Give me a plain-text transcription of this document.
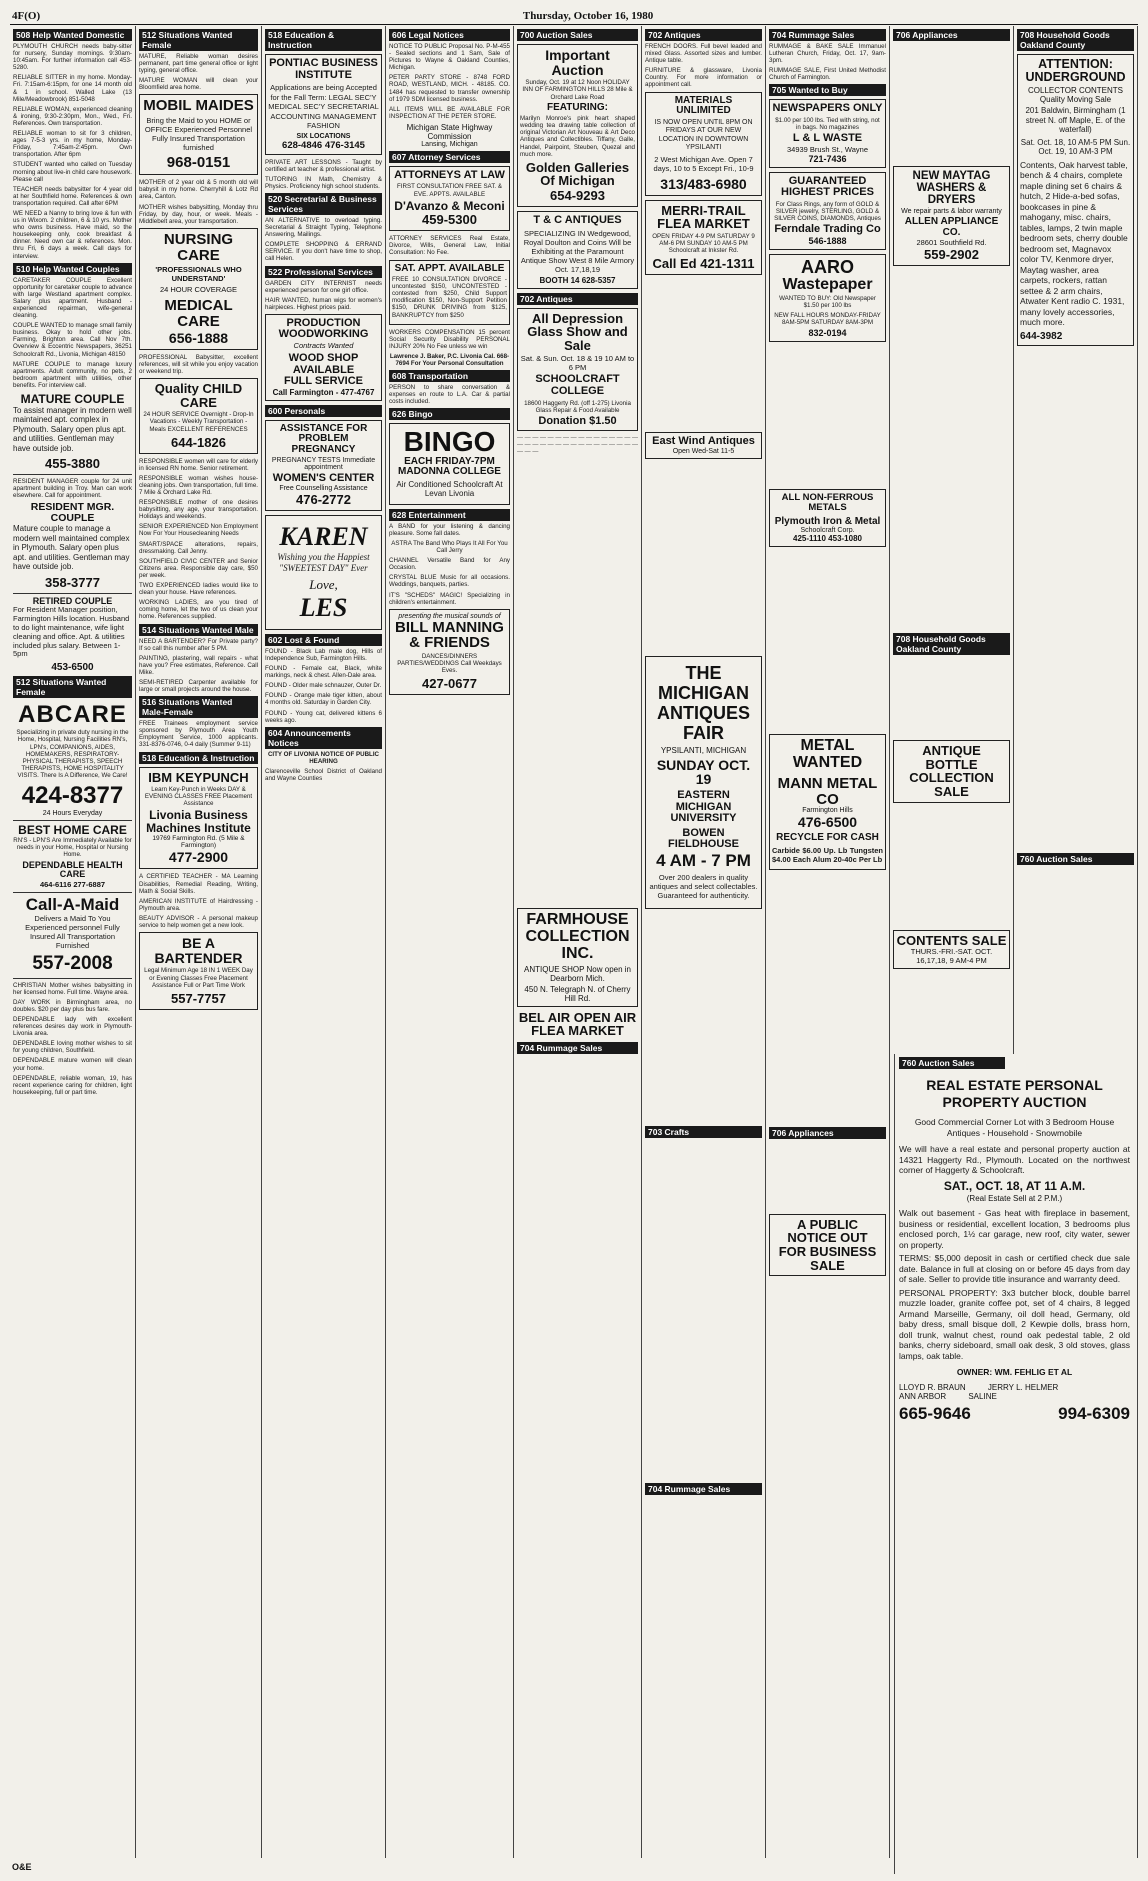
4F(O)	Thursday, October 16, 1980
508 Help Wanted Domestic

PLYMOUTH CHURCH needs baby-sitter for nursery, Sunday mornings. 9:30am-10:45am. For further information call 453-5280.

RELIABLE SITTER in my home. Monday-Fri. 7:15am-6:15pm, for one 14 month old & 1 in school. Walled Lake (13 Mile/Meadowbrook) 851-5048

RELIABLE WOMAN, experienced cleaning & ironing, 9:30-2:30pm, Mon., Wed., Fri. References. Own transportation.

RELIABLE woman to sit for 3 children, ages 7-5-3 yrs. in my home, Monday-Friday, 7:45am-2:45pm. Own transportation. After 6pm

STUDENT wanted who called on Tuesday morning about live-in child care housework. Please call

TEACHER needs babysitter for 4 year old at her Southfield home. References & own transportation required. Call after 6PM

WE NEED a Nanny to bring love & fun with us in Wixom. 2 children, 6 & 10 yrs. Mother who owns business. Have maid, so the housekeeping only, cook breakfast & dinner. Need own car & references. Mon. thru Fri, 6 days a week. Call days for interview.

510 Help Wanted Couples

CARETAKER COUPLE Excellent opportunity for caretaker couple to advance with large Westland apartment complex. Salary plus apartment. Husband - experienced repairman, wife-general cleaning.

COUPLE WANTED to manage small family business. Okay to hold other jobs. Farming, Brighton area. Call Nov 7th. Overview & Eccentric Newspapers, 36251 Schoolcraft Rd., Livonia, Michigan 48150

MATURE COUPLE to manage luxury apartments. Adult community, no pets, 2 bedroom apartment with utilities, other benefits. For interview call.

MATURE COUPLE

To assist manager in modern well maintained apt. complex in Plymouth. Salary open plus apt. and utilities. Gentleman may have outside job.

455-3880

RESIDENT MANAGER couple for 24 unit apartment building in Troy. Man can work elsewhere. Call for appointment.

RESIDENT MGR. COUPLE

Mature couple to manage a modern well maintained complex in Plymouth. Salary open plus apt. and utilities. Gentleman may have outside job.

358-3777
RETIRED COUPLE

For Resident Manager position, Farmington Hills location. Husband to do light maintenance, wife light cleaning and office. Apt. & utilities included plus salary. Between 1-5pm

453-6500
512 Situations Wanted Female
ABCARE

Specializing in private duty nursing in the Home, Hospital, Nursing Facilities RN's, LPN's, COMPANIONS, AIDES, HOMEMAKERS, RESPIRATORY-PHYSICAL THERAPISTS, SPEECH THERAPISTS, HOME HOSPITALITY VISITS. There Is A Difference, We Care!

424-8377
24 Hours Everyday
BEST HOME CARE

RN'S - LPN'S Are Immediately Available for needs in your Home, Hospital or Nursing Home.

DEPENDABLE HEALTH CARE
464-6116 277-6887
Call-A-Maid

Delivers a Maid To You Experienced personnel Fully Insured All Transportation Furnished

557-2008

CHRISTIAN Mother wishes babysitting in her licensed home. Full time. Wayne area.

DAY WORK in Birmingham area, no doubles. $20 per day plus bus fare.

DEPENDABLE lady with excellent references desires day work in Plymouth-Livonia area.

DEPENDABLE loving mother wishes to sit for young children, Southfield.

DEPENDABLE mature women will clean your home.

DEPENDABLE, reliable woman, 19, has recent experience caring for children, light housekeeping, full or part time.

512 Situations Wanted Female

MATURE, Reliable woman desires permanent, part time general office or light typing, general office.

MATURE WOMAN will clean your Bloomfield area home.

MOBIL MAIDES

Bring the Maid to you HOME or OFFICE Experienced Personnel Fully Insured Transportation furnished

968-0151

MOTHER of 2 year old & 5 month old will babysit in my home. Cherryhill & Lotz Rd area, Canton.

MOTHER wishes babysitting, Monday thru Friday, by day, hour, or week. Meals - Middlebelt area, your transportation.

NURSING CARE
'PROFESSIONALS WHO UNDERSTAND'
24 HOUR COVERAGE
MEDICAL CARE
656-1888

PROFESSIONAL Babysitter, excellent references, will sit while you enjoy vacation or weekend trip.

Quality CHILD CARE

24 HOUR SERVICE Overnight - Drop-In Vacations - Weekly Transportation - Meals EXCELLENT REFERENCES

644-1826

RESPONSIBLE women will care for elderly in licensed RN home. Senior retirement.

RESPONSIBLE woman wishes house-cleaning jobs. Own transportation, full time. 7 Mile & Orchard Lake Rd.

RESPONSIBLE mother of one desires babysitting, any age, your transportation. Holidays and weekends.

SENIOR EXPERIENCED Non Employment Now For Your Housecleaning Needs

SMART/SPACE alterations, repairs, dressmaking. Call Jenny.

SOUTHFIELD CIVIC CENTER and Senior Citizens area. Responsible day care, $50 per week.

TWO EXPERIENCED ladies would like to clean your house. Have references.

WORKING LADIES, are you tired of coming home, let the two of us clean your home. References supplied.

514 Situations Wanted Male

NEED A BARTENDER? For Private party? If so call this number after 5 PM.

PAINTING, plastering, wall repairs - what have you? Free estimates, Reference. Call Mike.

SEMI-RETIRED Carpenter available for large or small projects around the house.

516 Situations Wanted Male-Female

FREE Trainees employment service sponsored by Plymouth Area Youth Employment Service, 1000 applicants. 331-8376-0746, 0-4 daily (Summer 9-11)

518 Education & Instruction
IBM KEYPUNCH

Learn Key-Punch in Weeks DAY & EVENING CLASSES FREE Placement Assistance

Livonia Business Machines Institute
19769 Farmington Rd. (5 Mile & Farmington)
477-2900

A CERTIFIED TEACHER - MA Learning Disabilities, Remedial Reading, Writing, Math & Social Skills.

AMERICAN INSTITUTE of Hairdressing - Plymouth area.

BEAUTY ADVISOR - A personal makeup service to help women get a new look.

BE A BARTENDER

Legal Minimum Age 18 IN 1 WEEK Day or Evening Classes Free Placement Assistance Full or Part Time Work

557-7757
518 Education & Instruction
PONTIAC BUSINESS INSTITUTE

Applications are being Accepted for the Fall Term: LEGAL SEC'Y MEDICAL SEC'Y SECRETARIAL ACCOUNTING MANAGEMENT FASHION

SIX LOCATIONS
628-4846 476-3145

PRIVATE ART LESSONS - Taught by certified art teacher & professional artist.

TUTORING IN Math, Chemistry & Physics. Proficiency high school students.

520 Secretarial & Business Services

AN ALTERNATIVE to overload typing. Secretarial & Straight Typing, Telephone Answering, Mailings.

COMPLETE SHOPPING & ERRAND SERVICE. If you don't have time to shop, call Helen.

522 Professional Services

GARDEN CITY INTERNIST needs experienced person for one girl office.

HAIR WANTED, human wigs for women's hairpieces. Highest prices paid.

PRODUCTION WOODWORKING
Contracts Wanted
WOOD SHOP AVAILABLE
FULL SERVICE
Call Farmington - 477-4767
600 Personals
ASSISTANCE FOR PROBLEM PREGNANCY

PREGNANCY TESTS Immediate appointment

WOMEN'S CENTER
Free Counselling Assistance
476-2772
KAREN

Wishing you the Happiest "SWEETEST DAY" Ever

Love,
LES
602 Lost & Found

FOUND - Black Lab male dog, Hills of Independence Sub, Farmington Hills.

FOUND - Female cat, Black, white markings, neck & chest. Allen-Dale area.

FOUND - Older male schnauzer, Outer Dr.

FOUND - Orange male tiger kitten, about 4 months old. Saturday in Garden City.

FOUND - Young cat, delivered kittens 6 weeks ago.

604 Announcements Notices

CITY OF LIVONIA NOTICE OF PUBLIC HEARING

Clarenceville School District of Oakland and Wayne Counties

606 Legal Notices

NOTICE TO PUBLIC Proposal No. P-M-455 - Sealed sections and 1 Sam, Sale of Pictures to Wayne & Oakland Counties, Michigan.

PETER PARTY STORE - 8748 FORD ROAD, WESTLAND, MICH. - 48185. CO. 1484 has requested to transfer ownership of 1979 SDM licensed business.

ALL ITEMS WILL BE AVAILABLE FOR INSPECTION AT THE PETER STORE.

Michigan State Highway Commission
Lansing, Michigan
607 Attorney Services
ATTORNEYS AT LAW

FIRST CONSULTATION FREE SAT. & EVE. APPTS. AVAILABLE

D'Avanzo & Meconi
459-5300

ATTORNEY SERVICES Real Estate, Divorce, Wills, General Law, Initial Consultation: No Fee.

SAT. APPT. AVAILABLE

FREE 10 CONSULTATION DIVORCE - uncontested $150, UNCONTESTED - contested from $250, Child Support modification $150, Non-Support Petition $150, DRUNK DRIVING from $125, BANKRUPTCY from $250

WORKERS COMPENSATION 15 percent Social Security Disability PERSONAL INJURY 20% No Fee unless we win

Lawrence J. Baker, P.C. Livonia Cal. 668-7694 For Your Personal Consultation

608 Transportation

PERSON to share conversation & expenses en route to L.A. Car & partial costs included.

626 Bingo
BINGO
EACH FRIDAY-7PM MADONNA COLLEGE

Air Conditioned Schoolcraft At Levan Livonia

628 Entertainment

A BAND for your listening & dancing pleasure. Some fall dates.

ASTRA The Band Who Plays It All For You Call Jerry

CHANNEL Versatile Band for Any Occasion.

CRYSTAL BLUE Music for all occasions. Weddings, banquets, parties.

IT'S "SCHEDS" MAGIC! Specializing in children's entertainment.

presenting the musical sounds of
BILL MANNING & FRIENDS

DANCES/DINNERS PARTIES/WEDDINGS Call Weekdays Eves.

427-0677
700 Auction Sales
Important Auction

Sunday, Oct. 19 at 12 Noon HOLIDAY INN OF FARMINGTON HILLS 28 Mile & Orchard Lake Road

FEATURING:

Marilyn Monroe's pink heart shaped wedding tea drawing table collection of original Victorian Art Nouveau & Art Deco Antiques and Collectibles. Tiffany, Galle, Handel, Pairpoint, Steuben, Quezal and much more.

Golden Galleries Of Michigan
654-9293
T & C ANTIQUES

SPECIALIZING IN Wedgewood, Royal Doulton and Coins Will be Exhibiting at the Paramount Antique Show West 8 Mile Armory Oct. 17,18,19

BOOTH 14 628-5357
702 Antiques
All Depression Glass Show and Sale
Sat. & Sun. Oct. 18 & 19 10 AM to 6 PM
SCHOOLCRAFT COLLEGE

18600 Haggerty Rd. (off 1-275) Livonia Glass Repair & Food Available

Donation $1.50
— — — — — — — — — — — — — — — — — — — — — — — — — — — — — — — — — — —
FARMHOUSE COLLECTION INC.
ANTIQUE SHOP Now open in Dearborn Mich.
450 N. Telegraph N. of Cherry Hill Rd.
BEL AIR OPEN AIR FLEA MARKET
704 Rummage Sales
702 Antiques

FRENCH DOORS. Full bevel leaded and mixed Glass. Assorted sizes and lumber. Antique table.

FURNITURE & glassware, Livonia Country. For more information or appointment call.

MATERIALS UNLIMITED

IS NOW OPEN UNTIL 8PM ON FRIDAYS AT OUR NEW LOCATION IN DOWNTOWN YPSILANTI

2 West Michigan Ave. Open 7 days, 10 to 5 Except Fri., 10-9

313/483-6980
MERRI-TRAIL FLEA MARKET

OPEN FRIDAY 4-9 PM SATURDAY 9 AM-6 PM SUNDAY 10 AM-5 PM Schoolcraft at Inkster Rd.

Call Ed 421-1311
East Wind Antiques
Open Wed-Sat 11-5
THE MICHIGAN ANTIQUES FAIR
YPSILANTI, MICHIGAN
SUNDAY OCT. 19
EASTERN MICHIGAN UNIVERSITY
BOWEN FIELDHOUSE
4 AM - 7 PM

Over 200 dealers in quality antiques and select collectables. Guaranteed for authenticity.

703 Crafts
704 Rummage Sales
704 Rummage Sales

RUMMAGE & BAKE SALE Immanuel Lutheran Church, Friday, Oct. 17, 9am-3pm.

RUMMAGE SALE, First United Methodist Church of Farmington.

705 Wanted to Buy
NEWSPAPERS ONLY

$1.00 per 100 lbs. Tied with string, not in bags. No magazines

L & L WASTE
34939 Brush St., Wayne
721-7436
GUARANTEED HIGHEST PRICES

For Class Rings, any form of GOLD & SILVER jewelry, STERLING, GOLD & SILVER COINS, DIAMONDS, Antiques

Ferndale Trading Co
546-1888
AARO
Wastepaper

WANTED TO BUY: Old Newspaper $1.50 per 100 lbs

NEW FALL HOURS MONDAY-FRIDAY 8AM-5PM SATURDAY 8AM-3PM

832-0194
ALL NON-FERROUS METALS
Plymouth Iron & Metal
Schoolcraft Corp.
425-1110 453-1080
METAL WANTED
MANN METAL CO
Farmington Hills
476-6500
RECYCLE FOR CASH

Carbide $6.00 Up. Lb Tungsten $4.00 Each Alum 20-40c Per Lb

706 Appliances
A PUBLIC NOTICE OUT FOR BUSINESS SALE
706 Appliances
NEW MAYTAG WASHERS & DRYERS
We repair parts & labor warranty
ALLEN APPLIANCE CO.
28601 Southfield Rd.
559-2902
708 Household Goods Oakland County
ANTIQUE BOTTLE COLLECTION SALE
CONTENTS SALE
THURS.-FRI.-SAT. OCT. 16,17,18, 9 AM-4 PM
708 Household Goods Oakland County
ATTENTION: UNDERGROUND
COLLECTOR CONTENTS Quality Moving Sale

201 Baldwin, Birmingham (1 street N. off Maple, E. of the waterfall)

Sat. Oct. 18, 10 AM-5 PM Sun. Oct. 19, 10 AM-3 PM

Contents, Oak harvest table, bench & 4 chairs, complete maple dining set 6 chairs & hutch, 2 Hide-a-bed sofas, bookcases in pine & mahogany, misc. chairs, tables, lamps, 2 twin maple bedroom sets, cherry double bedroom set, Magnavox color TV, Kenmore dryer, Maytag washer, area carpets, rockers, rattan settee & 2 arm chairs, Atwater Kent radio C. 1931, many lovely accessories, much more.

644-3982
760 Auction Sales
760 Auction Sales
REAL ESTATE PERSONAL PROPERTY AUCTION

Good Commercial Corner Lot with 3 Bedroom House Antiques - Household - Snowmobile

We will have a real estate and personal property auction at 14321 Haggerty Rd., Plymouth. Located on the northwest corner of Haggerty & Schoolcraft.

SAT., OCT. 18, AT 11 A.M.
(Real Estate Sell at 2 P.M.)

Walk out basement - Gas heat with fireplace in basement, business or residential, excellent location, 3 bedrooms plus enclosed porch, 1½ car garage, new roof, city water, sewer on property.

TERMS: $5,000 deposit in cash or certified check due sale date. Balance in full at closing on or before 45 days from day of sale. Seller to provide title insurance and warranty deed.

PERSONAL PROPERTY: 3x3 butcher block, double barrel muzzle loader, granite coffee pot, set of 4 chairs, 8 legged Armand Marseille, Germany, oil doll head, Germany, old baby dress, small bisque doll, 2 Kewpie dolls, brass horn, doll trunk, walnut chest, round oak pedestal table, 2 old banks, cherry sideboard, small oak desk, 3 old stoves, glass lamps, oak table.

OWNER: WM. FEHLIG ET AL
LLOYD R. BRAUN          JERRY L. HELMER
ANN ARBOR          SALINE
665-9646	994-6309
O&E
